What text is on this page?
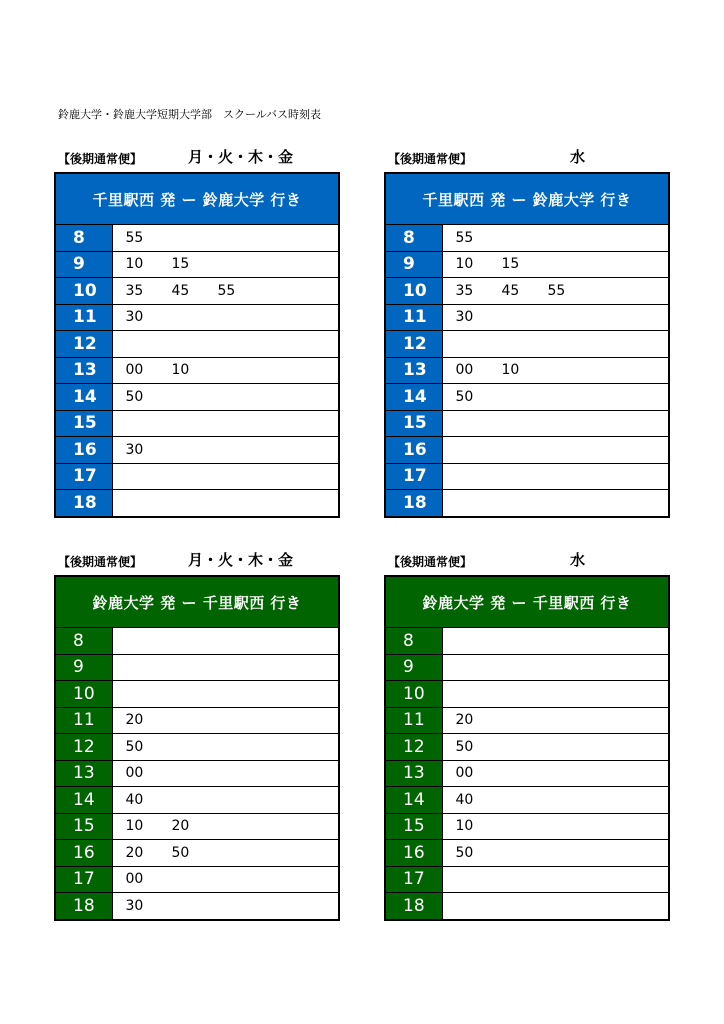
鈴鹿大学・鈴鹿大学短期大学部　スクールバス時刻表
【後期通常便】	月・火・木・金
千里駅西 発 ー 鈴鹿大学 行き	
8	55
9	10 15
10	35 45 55
11	30
12	
13	00 10
14	50
15	
16	30
17	
18	
【後期通常便】	水
千里駅西 発 ー 鈴鹿大学 行き	
8	55
9	10 15
10	35 45 55
11	30
12	
13	00 10
14	50
15	
16	
17	
18	
【後期通常便】	月・火・木・金
鈴鹿大学 発 ー 千里駅西 行き	
8	
9	
10	
11	20
12	50
13	00
14	40
15	10 20
16	20 50
17	00
18	30
【後期通常便】	水
鈴鹿大学 発 ー 千里駅西 行き	
8	
9	
10	
11	20
12	50
13	00
14	40
15	10
16	50
17	
18	
